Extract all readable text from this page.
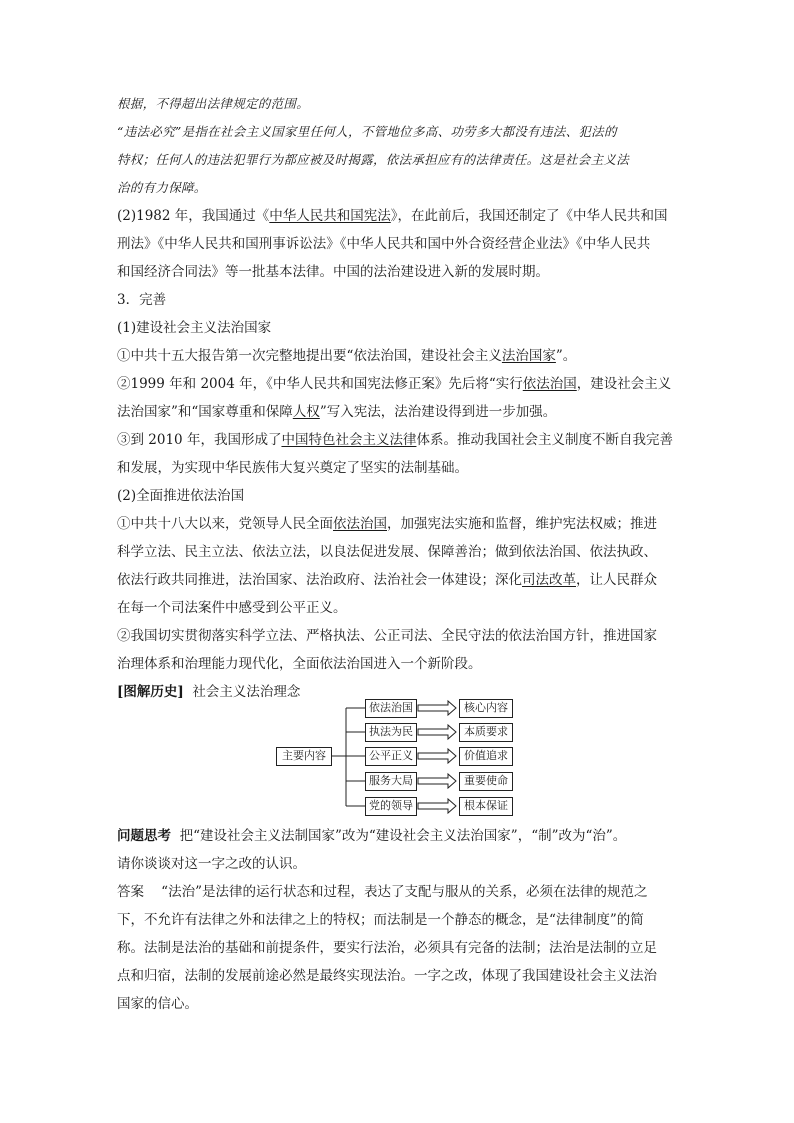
根据，不得超出法律规定的范围。
“违法必究”是指在社会主义国家里任何人，不管地位多高、功劳多大都没有违法、犯法的
特权；任何人的违法犯罪行为都应被及时揭露，依法承担应有的法律责任。这是社会主义法
治的有力保障。
(2)1982 年，我国通过《中华人民共和国宪法》，在此前后，我国还制定了《中华人民共和国
刑法》《中华人民共和国刑事诉讼法》《中华人民共和国中外合资经营企业法》《中华人民共
和国经济合同法》等一批基本法律。中国的法治建设进入新的发展时期。
3．完善
(1)建设社会主义法治国家
①中共十五大报告第一次完整地提出要“依法治国，建设社会主义法治国家”。
②1999 年和 2004 年，《中华人民共和国宪法修正案》先后将“实行依法治国，建设社会主义
法治国家”和“国家尊重和保障人权”写入宪法，法治建设得到进一步加强。
③到 2010 年，我国形成了中国特色社会主义法律体系。推动我国社会主义制度不断自我完善
和发展，为实现中华民族伟大复兴奠定了坚实的法制基础。
(2)全面推进依法治国
①中共十八大以来，党领导人民全面依法治国，加强宪法实施和监督，维护宪法权威；推进
科学立法、民主立法、依法立法，以良法促进发展、保障善治；做到依法治国、依法执政、
依法行政共同推进，法治国家、法治政府、法治社会一体建设；深化司法改革，让人民群众
在每一个司法案件中感受到公平正义。
②我国切实贯彻落实科学立法、严格执法、公正司法、全民守法的依法治国方针，推进国家
治理体系和治理能力现代化，全面依法治国进入一个新阶段。
[图解历史] 社会主义法治理念
主要内容
依法治国
执法为民
公平正义
服务大局
党的领导
核心内容
本质要求
价值追求
重要使命
根本保证
问题思考 把“建设社会主义法制国家”改为“建设社会主义法治国家”，“制”改为“治”。
请你谈谈对这一字之改的认识。
答案 “法治”是法律的运行状态和过程，表达了支配与服从的关系，必须在法律的规范之
下，不允许有法律之外和法律之上的特权；而法制是一个静态的概念，是“法律制度”的简
称。法制是法治的基础和前提条件，要实行法治，必须具有完备的法制；法治是法制的立足
点和归宿，法制的发展前途必然是最终实现法治。一字之改，体现了我国建设社会主义法治
国家的信心。
